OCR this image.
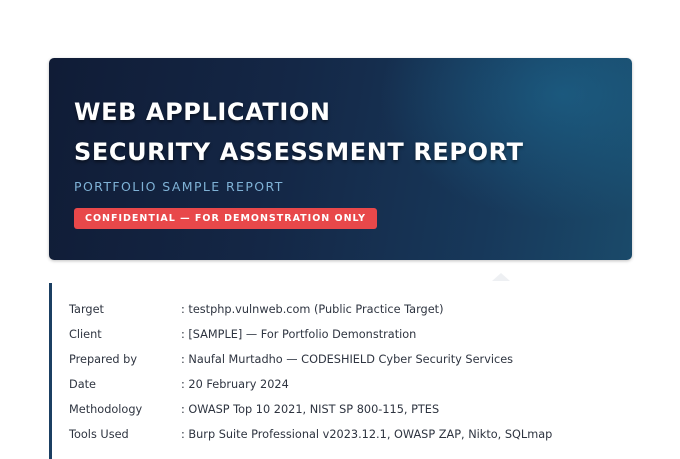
WEB APPLICATION
SECURITY ASSESSMENT REPORT
PORTFOLIO SAMPLE REPORT
CONFIDENTIAL — FOR DEMONSTRATION ONLY
Target	: testphp.vulnweb.com (Public Practice Target)
Client	: [SAMPLE] — For Portfolio Demonstration
Prepared by	: Naufal Murtadho — CODESHIELD Cyber Security Services
Date	: 20 February 2024
Methodology	: OWASP Top 10 2021, NIST SP 800-115, PTES
Tools Used	: Burp Suite Professional v2023.12.1, OWASP ZAP, Nikto, SQLmap
